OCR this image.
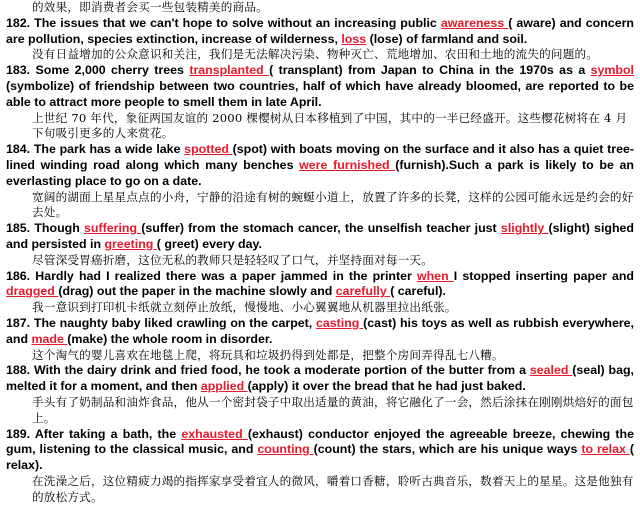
的效果，即消费者会买一些包装精美的商品。

182. The issues that we can't hope to solve without an increasing public awareness ( aware) and concern are pollution, species extinction, increase of wilderness, loss (lose) of farmland and soil.

没有日益增加的公众意识和关注，我们是无法解决污染、物种灭亡、荒地增加、农田和土地的流失的问题的。

183. Some 2,000 cherry trees transplanted ( transplant) from Japan to China in the 1970s as a symbol (symbolize) of friendship between two countries, half of which have already bloomed, are reported to be able to attract more people to smell them in late April.

上世纪 70 年代，象征两国友谊的 2000 棵樱树从日本移植到了中国，其中的一半已经盛开。这些樱花树将在 4 月下旬吸引更多的人来赏花。

184. The park has a wide lake spotted (spot) with boats moving on the surface and it also has a quiet tree-lined winding road along which many benches were furnished (furnish).Such a park is likely to be an everlasting place to go on a date.

宽阔的湖面上星星点点的小舟，宁静的沿途有树的蜿蜒小道上，放置了许多的长凳，这样的公园可能永远是约会的好去处。

185. Though suffering (suffer) from the stomach cancer, the unselfish teacher just slightly (slight) sighed and persisted in greeting ( greet) every day.

尽管深受胃癌折磨，这位无私的教师只是轻轻叹了口气，并坚持面对每一天。

186. Hardly had I realized there was a paper jammed in the printer when I stopped inserting paper and dragged (drag) out the paper in the machine slowly and carefully ( careful).

我一意识到打印机卡纸就立刻停止放纸，慢慢地、小心翼翼地从机器里拉出纸张。

187. The naughty baby liked crawling on the carpet, casting (cast) his toys as well as rubbish everywhere, and made (make) the whole room in disorder.

这个淘气的婴儿喜欢在地毯上爬，将玩具和垃圾扔得到处都是，把整个房间弄得乱七八糟。

188. With the dairy drink and fried food, he took a moderate portion of the butter from a sealed (seal) bag, melted it for a moment, and then applied (apply) it over the bread that he had just baked.

手头有了奶制品和油炸食品，他从一个密封袋子中取出适量的黄油，将它融化了一会，然后涂抹在刚刚烘焙好的面包上。

189. After taking a bath, the exhausted (exhaust) conductor enjoyed the agreeable breeze, chewing the gum, listening to the classical music, and counting (count) the stars, which are his unique ways to relax ( relax).

在洗澡之后，这位精疲力竭的指挥家享受着宜人的微风，嚼着口香糖，聆听古典音乐，数着天上的星星。这是他独有的放松方式。
